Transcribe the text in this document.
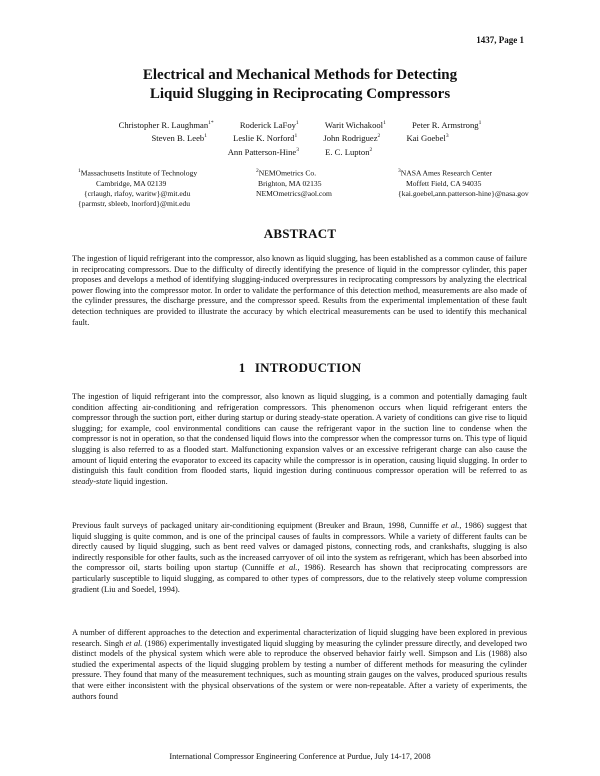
1437, Page 1
Electrical and Mechanical Methods for Detecting
Liquid Slugging in Reciprocating Compressors
Christopher R. Laughman$^{1*}$	Roderick LaFoy$^1$	Warit Wichakool$^1$	Peter R. Armstrong$^1$
Steven B. Leeb$^1$	Leslie K. Norford$^1$	John Rodriguez$^2$	Kai Goebel$^3$
Ann Patterson-Hine$^3$	E. C. Lupton$^2$
$^1$Massachusetts Institute of Technology
Cambridge, MA 02139
{crlaugh, rlafoy, waritw}@mit.edu
{parmstr, sbleeb, lnorford}@mit.edu
$^2$NEMOmetrics Co.
Brighton, MA 02135
NEMOmetrics@aol.com
$^3$NASA Ames Research Center
Moffett Field, CA 94035
{kai.goebel,ann.patterson-hine}@nasa.gov
ABSTRACT
The ingestion of liquid refrigerant into the compressor, also known as liquid slugging, has been established as a common cause of failure in reciprocating compressors. Due to the difficulty of directly identifying the presence of liquid in the compressor cylinder, this paper proposes and develops a method of identifying slugging-induced overpressures in reciprocating compressors by analyzing the electrical power flowing into the compressor motor. In order to validate the performance of this detection method, measurements are also made of the cylinder pressures, the discharge pressure, and the compressor speed. Results from the experimental implementation of these fault detection techniques are provided to illustrate the accuracy by which electrical measurements can be used to identify this mechanical fault.
1 INTRODUCTION
The ingestion of liquid refrigerant into the compressor, also known as liquid slugging, is a common and potentially damaging fault condition affecting air-conditioning and refrigeration compressors. This phenomenon occurs when liquid refrigerant enters the compressor through the suction port, either during startup or during steady-state operation. A variety of conditions can give rise to liquid slugging; for example, cool environmental conditions can cause the refrigerant vapor in the suction line to condense when the compressor is not in operation, so that the condensed liquid flows into the compressor when the compressor turns on. This type of liquid slugging is also referred to as a flooded start. Malfunctioning expansion valves or an excessive refrigerant charge can also cause the amount of liquid entering the evaporator to exceed its capacity while the compressor is in operation, causing liquid slugging. In order to distinguish this fault condition from flooded starts, liquid ingestion during continuous compressor operation will be referred to as steady-state liquid ingestion.
Previous fault surveys of packaged unitary air-conditioning equipment (Breuker and Braun, 1998, Cunniffe et al., 1986) suggest that liquid slugging is quite common, and is one of the principal causes of faults in compressors. While a variety of different faults can be directly caused by liquid slugging, such as bent reed valves or damaged pistons, connecting rods, and crankshafts, slugging is also indirectly responsible for other faults, such as the increased carryover of oil into the system as refrigerant, which has been absorbed into the compressor oil, starts boiling upon startup (Cunniffe et al., 1986). Research has shown that reciprocating compressors are particularly susceptible to liquid slugging, as compared to other types of compressors, due to the relatively steep volume compression gradient (Liu and Soedel, 1994).
A number of different approaches to the detection and experimental characterization of liquid slugging have been explored in previous research. Singh et al. (1986) experimentally investigated liquid slugging by measuring the cylinder pressure directly, and developed two distinct models of the physical system which were able to reproduce the observed behavior fairly well. Simpson and Lis (1988) also studied the experimental aspects of the liquid slugging problem by testing a number of different methods for measuring the cylinder pressure. They found that many of the measurement techniques, such as mounting strain gauges on the valves, produced spurious results that were either inconsistent with the physical observations of the system or were non-repeatable. After a variety of experiments, the authors found
International Compressor Engineering Conference at Purdue, July 14-17, 2008
